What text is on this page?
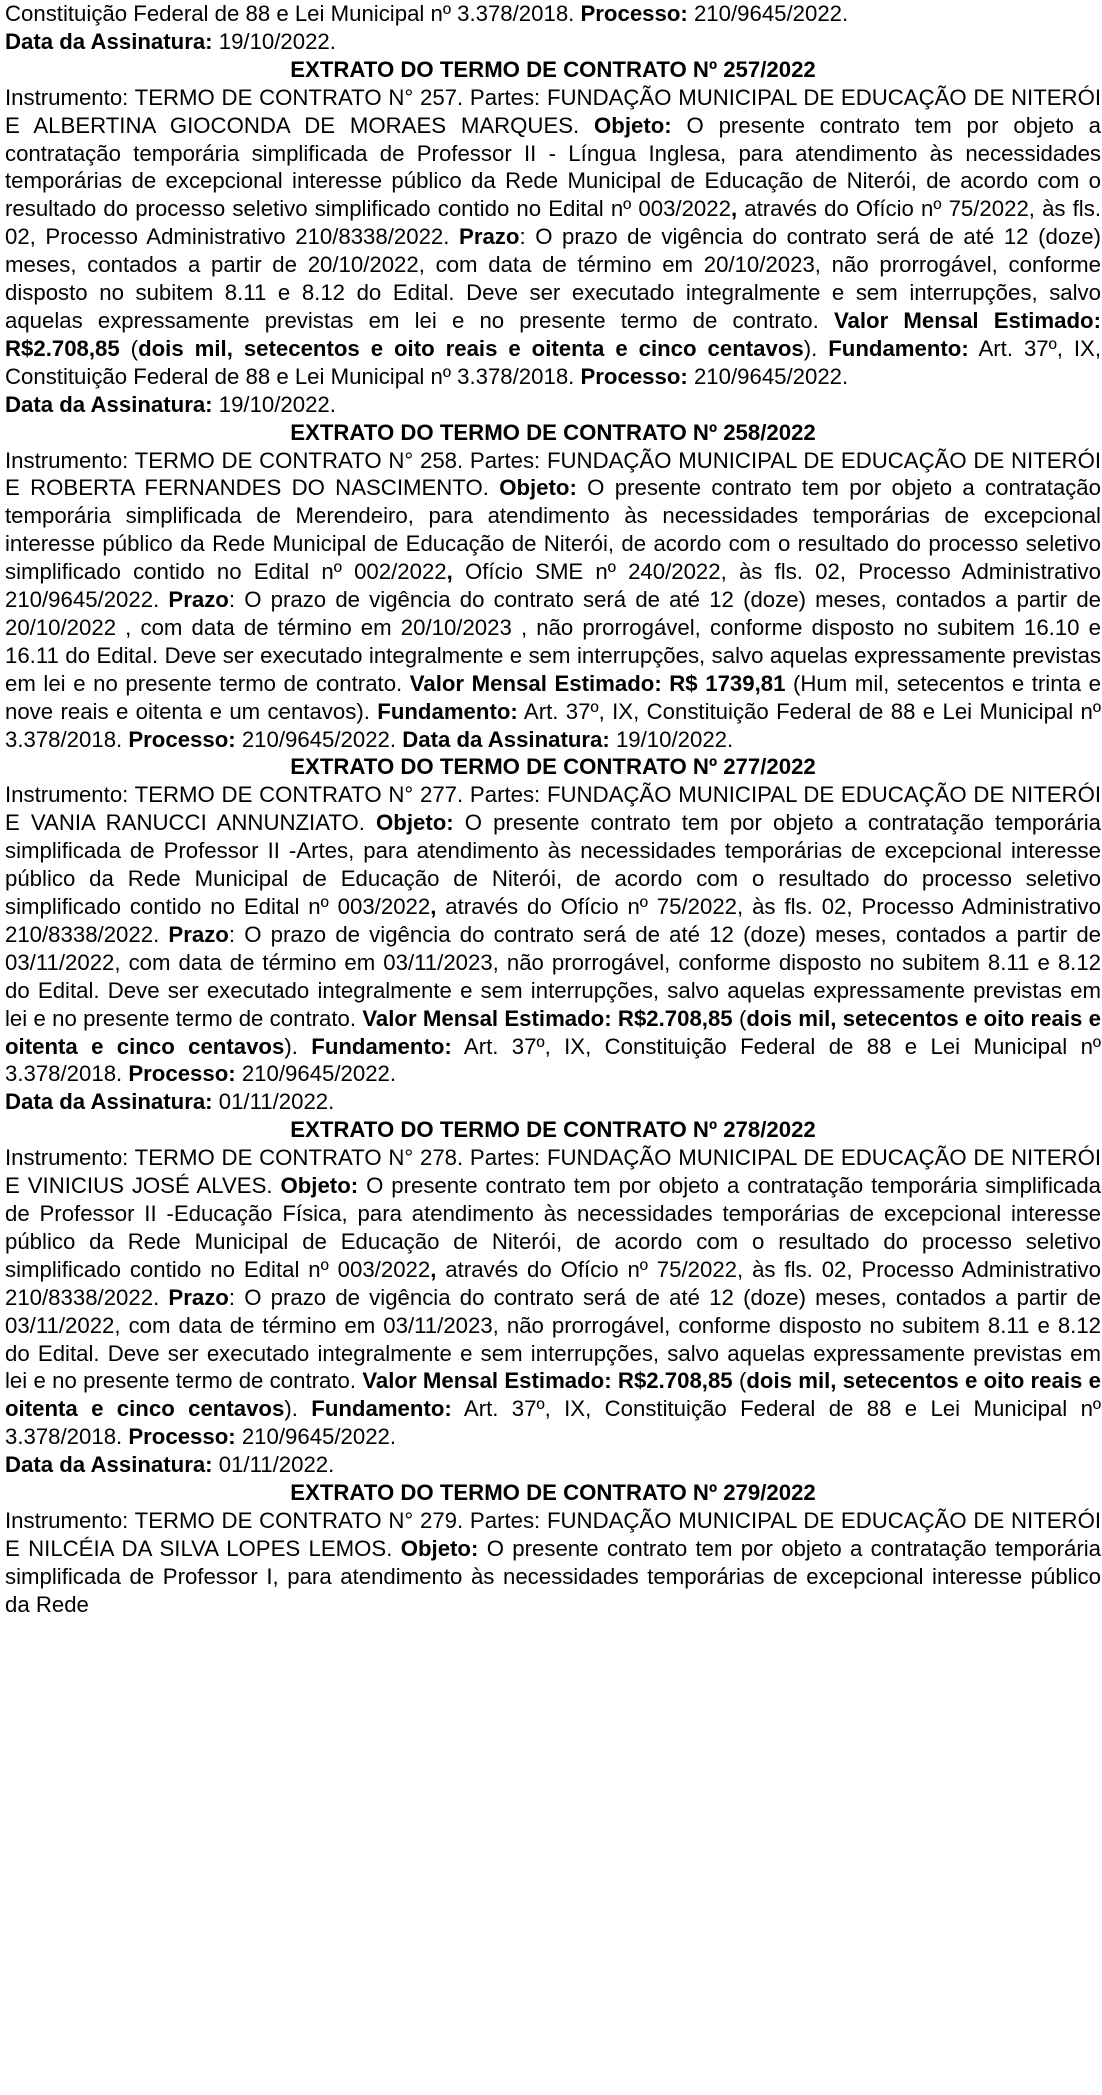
Constituição Federal de 88 e Lei Municipal nº 3.378/2018. Processo: 210/9645/2022.
Data da Assinatura: 19/10/2022.

EXTRATO DO TERMO DE CONTRATO Nº 257/2022

Instrumento: TERMO DE CONTRATO N° 257. Partes: FUNDAÇÃO MUNICIPAL DE EDUCAÇÃO DE NITERÓI E ALBERTINA GIOCONDA DE MORAES MARQUES. Objeto: O presente contrato tem por objeto a contratação temporária simplificada de Professor II - Língua Inglesa, para atendimento às necessidades temporárias de excepcional interesse público da Rede Municipal de Educação de Niterói, de acordo com o resultado do processo seletivo simplificado contido no Edital nº 003/2022, através do Ofício nº 75/2022, às fls. 02, Processo Administrativo 210/8338/2022. Prazo: O prazo de vigência do contrato será de até 12 (doze) meses, contados a partir de 20/10/2022, com data de término em 20/10/2023, não prorrogável, conforme disposto no subitem 8.11 e 8.12 do Edital. Deve ser executado integralmente e sem interrupções, salvo aquelas expressamente previstas em lei e no presente termo de contrato. Valor Mensal Estimado: R$2.708,85 (dois mil, setecentos e oito reais e oitenta e cinco centavos). Fundamento: Art. 37º, IX, Constituição Federal de 88 e Lei Municipal nº 3.378/2018. Processo: 210/9645/2022.
Data da Assinatura: 19/10/2022.

EXTRATO DO TERMO DE CONTRATO Nº 258/2022

Instrumento: TERMO DE CONTRATO N° 258. Partes: FUNDAÇÃO MUNICIPAL DE EDUCAÇÃO DE NITERÓI E ROBERTA FERNANDES DO NASCIMENTO. Objeto: O presente contrato tem por objeto a contratação temporária simplificada de Merendeiro, para atendimento às necessidades temporárias de excepcional interesse público da Rede Municipal de Educação de Niterói, de acordo com o resultado do processo seletivo simplificado contido no Edital nº 002/2022, Ofício SME nº 240/2022, às fls. 02, Processo Administrativo 210/9645/2022. Prazo: O prazo de vigência do contrato será de até 12 (doze) meses, contados a partir de 20/10/2022 , com data de término em 20/10/2023 , não prorrogável, conforme disposto no subitem 16.10 e 16.11 do Edital. Deve ser executado integralmente e sem interrupções, salvo aquelas expressamente previstas em lei e no presente termo de contrato. Valor Mensal Estimado: R$ 1739,81 (Hum mil, setecentos e trinta e nove reais e oitenta e um centavos). Fundamento: Art. 37º, IX, Constituição Federal de 88 e Lei Municipal nº 3.378/2018. Processo: 210/9645/2022. Data da Assinatura: 19/10/2022.

EXTRATO DO TERMO DE CONTRATO Nº 277/2022

Instrumento: TERMO DE CONTRATO N° 277. Partes: FUNDAÇÃO MUNICIPAL DE EDUCAÇÃO DE NITERÓI E VANIA RANUCCI ANNUNZIATO. Objeto: O presente contrato tem por objeto a contratação temporária simplificada de Professor II -Artes, para atendimento às necessidades temporárias de excepcional interesse público da Rede Municipal de Educação de Niterói, de acordo com o resultado do processo seletivo simplificado contido no Edital nº 003/2022, através do Ofício nº 75/2022, às fls. 02, Processo Administrativo 210/8338/2022. Prazo: O prazo de vigência do contrato será de até 12 (doze) meses, contados a partir de 03/11/2022, com data de término em 03/11/2023, não prorrogável, conforme disposto no subitem 8.11 e 8.12 do Edital. Deve ser executado integralmente e sem interrupções, salvo aquelas expressamente previstas em lei e no presente termo de contrato. Valor Mensal Estimado: R$2.708,85 (dois mil, setecentos e oito reais e oitenta e cinco centavos). Fundamento: Art. 37º, IX, Constituição Federal de 88 e Lei Municipal nº 3.378/2018. Processo: 210/9645/2022.
Data da Assinatura: 01/11/2022.

EXTRATO DO TERMO DE CONTRATO Nº 278/2022

Instrumento: TERMO DE CONTRATO N° 278. Partes: FUNDAÇÃO MUNICIPAL DE EDUCAÇÃO DE NITERÓI E VINICIUS JOSÉ ALVES. Objeto: O presente contrato tem por objeto a contratação temporária simplificada de Professor II -Educação Física, para atendimento às necessidades temporárias de excepcional interesse público da Rede Municipal de Educação de Niterói, de acordo com o resultado do processo seletivo simplificado contido no Edital nº 003/2022, através do Ofício nº 75/2022, às fls. 02, Processo Administrativo 210/8338/2022. Prazo: O prazo de vigência do contrato será de até 12 (doze) meses, contados a partir de 03/11/2022, com data de término em 03/11/2023, não prorrogável, conforme disposto no subitem 8.11 e 8.12 do Edital. Deve ser executado integralmente e sem interrupções, salvo aquelas expressamente previstas em lei e no presente termo de contrato. Valor Mensal Estimado: R$2.708,85 (dois mil, setecentos e oito reais e oitenta e cinco centavos). Fundamento: Art. 37º, IX, Constituição Federal de 88 e Lei Municipal nº 3.378/2018. Processo: 210/9645/2022.
Data da Assinatura: 01/11/2022.

EXTRATO DO TERMO DE CONTRATO Nº 279/2022

Instrumento: TERMO DE CONTRATO N° 279. Partes: FUNDAÇÃO MUNICIPAL DE EDUCAÇÃO DE NITERÓI E NILCÉIA DA SILVA LOPES LEMOS. Objeto: O presente contrato tem por objeto a contratação temporária simplificada de Professor I, para atendimento às necessidades temporárias de excepcional interesse público da Rede
